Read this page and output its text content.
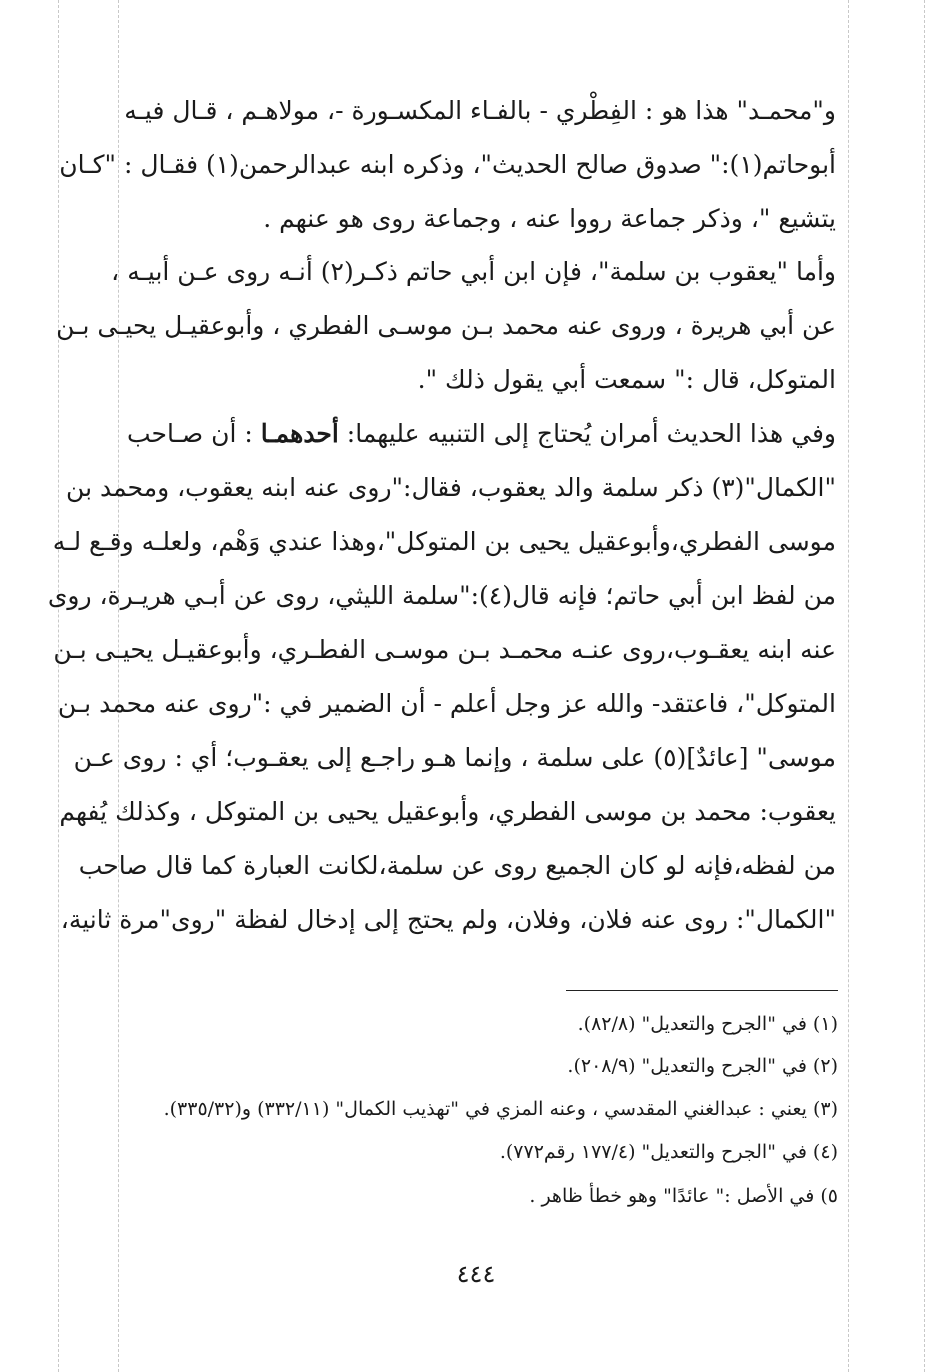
و"محمـد" هذا هو : الفِطْري - بالفـاء المكسـورة -، مولاهـم ، قـال فيـه
أبوحاتم(١):" صدوق صالح الحديث"، وذكره ابنه عبدالرحمن(١) فقـال : "كـان
يتشيع "، وذكر جماعة رووا عنه ، وجماعة روى هو عنهم .
وأما "يعقوب بن سلمة"، فإن ابن أبي حاتم ذكـر(٢) أنـه روى عـن أبيـه ،
عن أبي هريرة ، وروى عنه محمد بـن موسـى الفطري ، وأبوعقيـل يحيـى بـن
المتوكل، قال :" سمعت أبي يقول ذلك ".
وفي هذا الحديث أمران يُحتاج إلى التنبيه عليهما: أحدهمـا : أن صـاحب
"الكمال"(٣) ذكر سلمة والد يعقوب، فقال:"روى عنه ابنه يعقوب، ومحمد بن
موسى الفطري،وأبوعقيل يحيى بن المتوكل"،وهذا عندي وَهْم، ولعلـه وقـع لـه
من لفظ ابن أبي حاتم؛ فإنه قال(٤):"سلمة الليثي، روى عن أبـي هريـرة، روى
عنه ابنه يعقـوب،روى عنـه محمـد بـن موسـى الفطـري، وأبوعقيـل يحيـى بـن
المتوكل"، فاعتقد- والله عز وجل أعلم - أن الضمير في :"روى عنه محمد بـن
موسى" [عائدٌ](٥) على سلمة ، وإنما هـو راجـع إلى يعقـوب؛ أي : روى عـن
يعقوب: محمد بن موسى الفطري، وأبوعقيل يحيى بن المتوكل ، وكذلك يُفهم
من لفظه،فإنه لو كان الجميع روى عن سلمة،لكانت العبارة كما قال صاحب
"الكمال": روى عنه فلان، وفلان، ولم يحتج إلى إدخال لفظة "روى"مرة ثانية،
(١) في "الجرح والتعديل" (٨٢/٨).
(٢) في "الجرح والتعديل" (٢٠٨/٩).
(٣) يعني : عبدالغني المقدسي ، وعنه المزي في "تهذيب الكمال" (٣٣٢/١١) و(٣٣٥/٣٢).
(٤) في "الجرح والتعديل" (١٧٧/٤ رقم٧٧٢).
٥) في الأصل :" عائدًا" وهو خطأ ظاهر .
٤٤٤
